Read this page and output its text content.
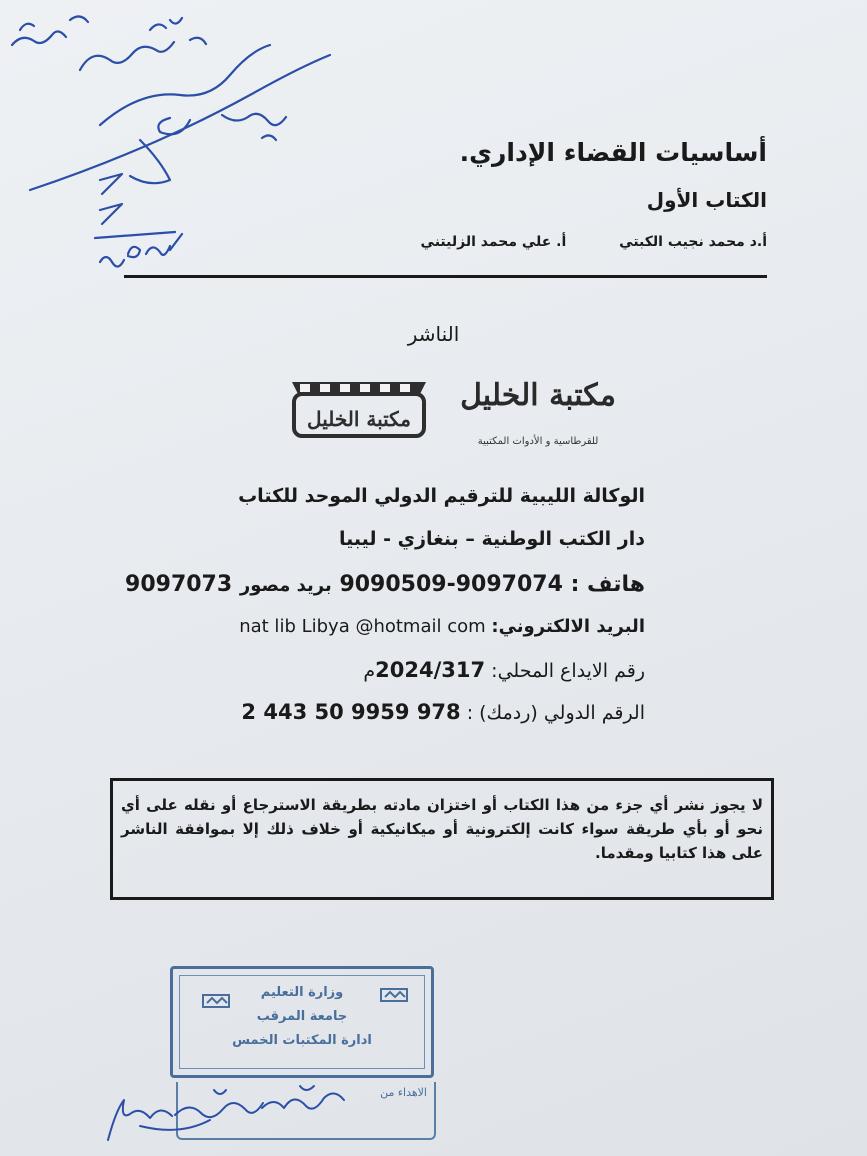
أساسيات القضاء الإداري.
الكتاب الأول
أ.د محمد نجيب الكبتي أ. علي محمد الزليتني
الناشر
مكتبة الخليل
مكتبة الخليل
للقرطاسية و الأدوات المكتبية
الوكالة الليبية للترقيم الدولي الموحد للكتاب
دار الكتب الوطنية – بنغازي - ليبيا
هاتف : 9097074-9090509 بريد مصور 9097073
البريد الالكتروني: nat lib Libya @hotmail com
رقم الايداع المحلي: 2024/317م
الرقم الدولي (ردمك) : 978 9959 50 443 2
لا يجوز نشر أي جزء من هذا الكتاب أو اختزان مادته بطريقة الاسترجاع أو نقله على أي نحو أو بأي طريقة سواء كانت إلكترونية أو ميكانيكية أو خلاف ذلك إلا بموافقة الناشر على هذا كتابيا ومقدما.
وزارة التعليم
جامعة المرقب
ادارة المكتبات الخمس
الاهداء من
